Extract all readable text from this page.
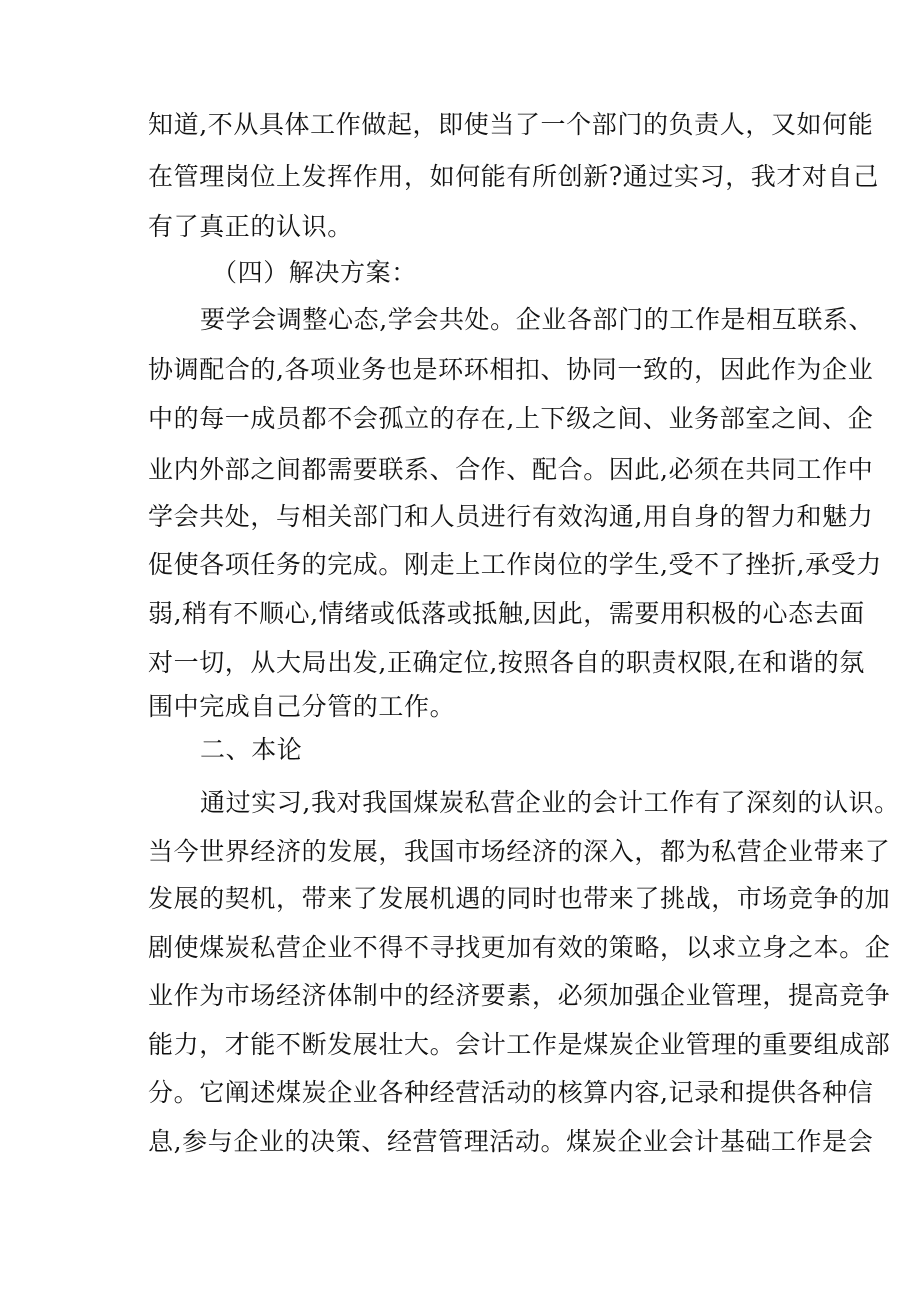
知道,不从具体工作做起，即使当了一个部门的负责人，又如何能
在管理岗位上发挥作用，如何能有所创新?通过实习，我才对自己
有了真正的认识。
（四）解决方案：
要学会调整心态,学会共处。企业各部门的工作是相互联系、
协调配合的,各项业务也是环环相扣、协同一致的，因此作为企业
中的每一成员都不会孤立的存在,上下级之间、业务部室之间、企
业内外部之间都需要联系、合作、配合。因此,必须在共同工作中
学会共处，与相关部门和人员进行有效沟通,用自身的智力和魅力
促使各项任务的完成。刚走上工作岗位的学生,受不了挫折,承受力
弱,稍有不顺心,情绪或低落或抵触,因此，需要用积极的心态去面
对一切，从大局出发,正确定位,按照各自的职责权限,在和谐的氛
围中完成自己分管的工作。
二、本论
通过实习,我对我国煤炭私营企业的会计工作有了深刻的认识。
当今世界经济的发展，我国市场经济的深入，都为私营企业带来了
发展的契机，带来了发展机遇的同时也带来了挑战，市场竞争的加
剧使煤炭私营企业不得不寻找更加有效的策略，以求立身之本。企
业作为市场经济体制中的经济要素，必须加强企业管理，提高竞争
能力，才能不断发展壮大。会计工作是煤炭企业管理的重要组成部
分。它阐述煤炭企业各种经营活动的核算内容,记录和提供各种信
息,参与企业的决策、经营管理活动。煤炭企业会计基础工作是会
